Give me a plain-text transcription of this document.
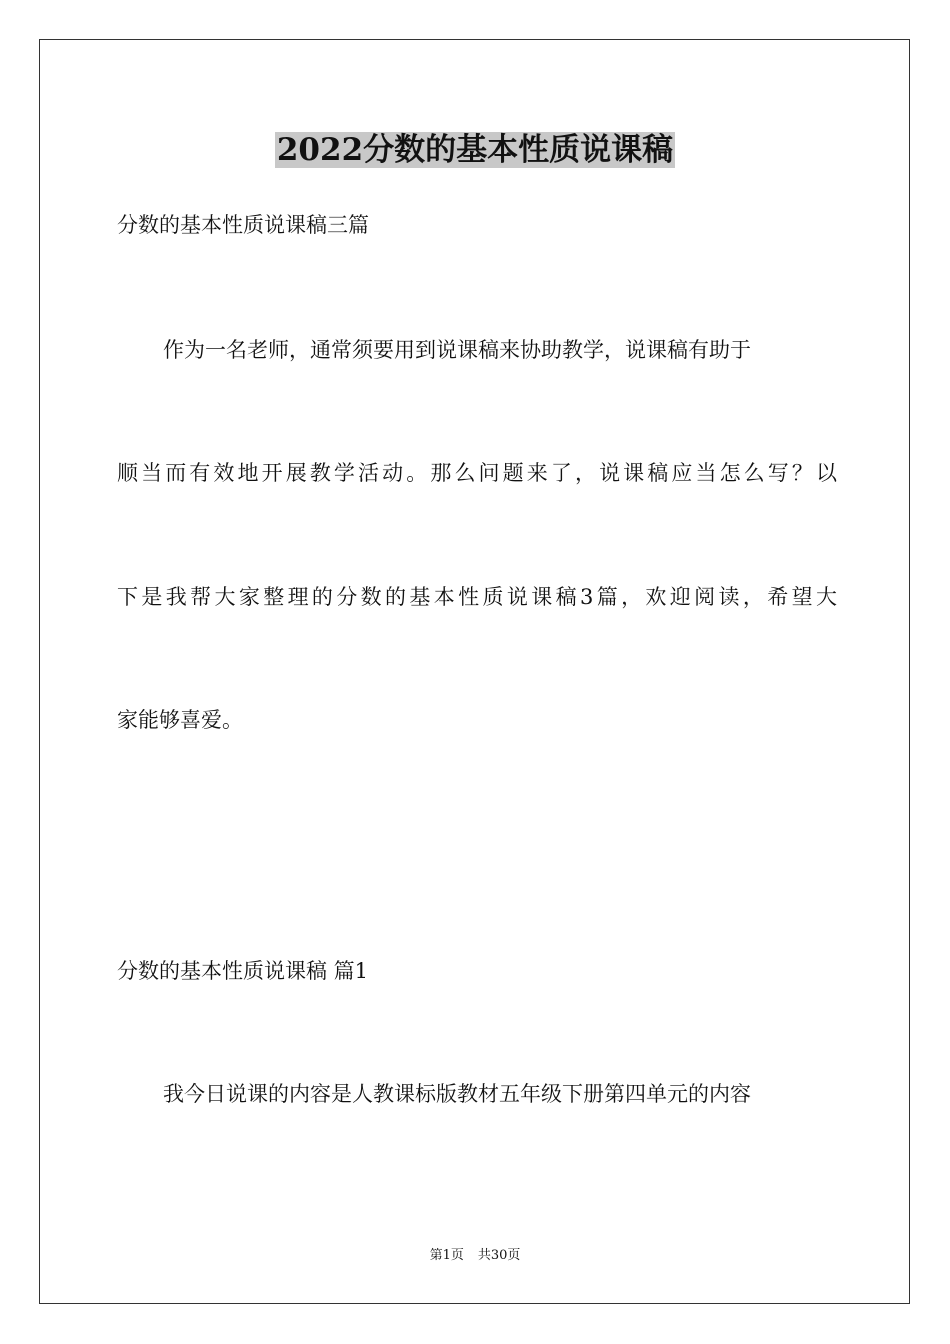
2022分数的基本性质说课稿
分数的基本性质说课稿三篇
作为一名老师，通常须要用到说课稿来协助教学，说课稿有助于
顺当而有效地开展教学活动。那么问题来了，说课稿应当怎么写？以
下是我帮大家整理的分数的基本性质说课稿3篇，欢迎阅读，希望大
家能够喜爱。
分数的基本性质说课稿 篇1
我今日说课的内容是人教课标版教材五年级下册第四单元的内容
第1页 共30页
